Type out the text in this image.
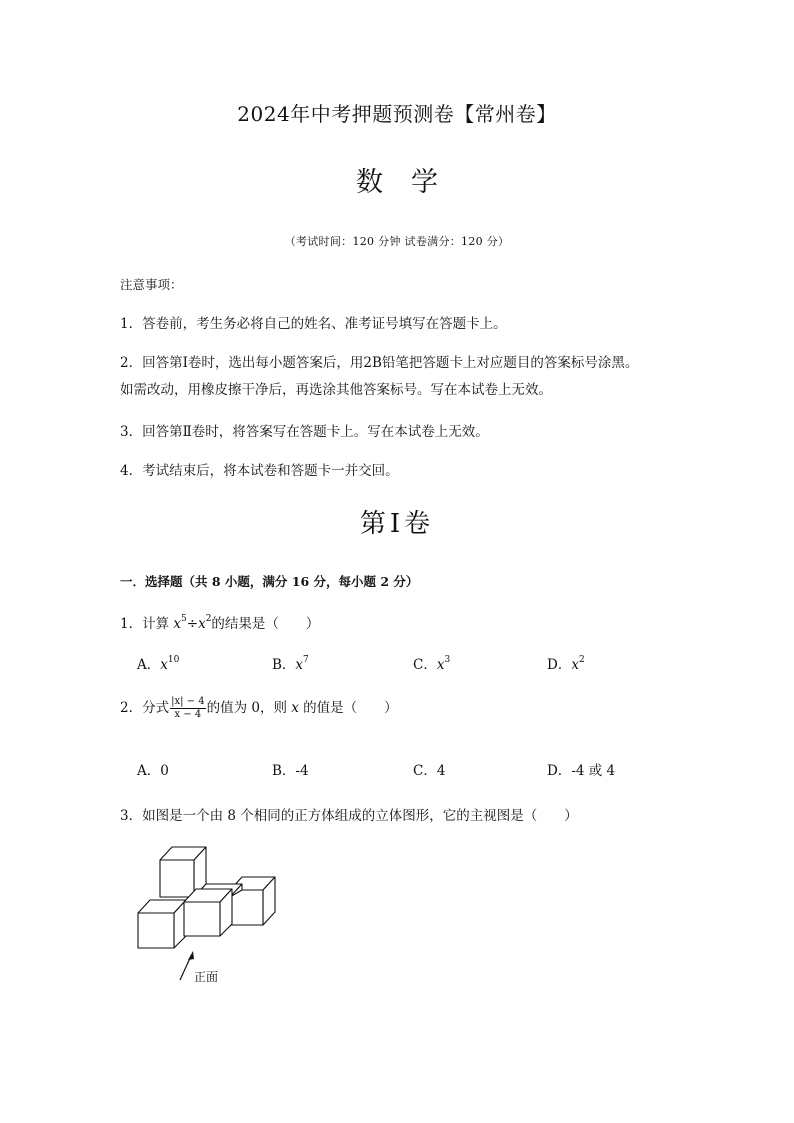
2024年中考押题预测卷【常州卷】
数学
（考试时间：120 分钟 试卷满分：120 分）
注意事项：
1．答卷前，考生务必将自己的姓名、准考证号填写在答题卡上。
2．回答第Ⅰ卷时，选出每小题答案后，用2B铅笔把答题卡上对应题目的答案标号涂黑。
如需改动，用橡皮擦干净后，再选涂其他答案标号。写在本试卷上无效。
3．回答第Ⅱ卷时，将答案写在答题卡上。写在本试卷上无效。
4．考试结束后，将本试卷和答题卡一并交回。
第Ⅰ卷
一．选择题（共 8 小题，满分 16 分，每小题 2 分）
1．计算 $x^5\div x^2$的结果是（　　）
A．$x^{10}$	B．$x^7$	C．$x^3$	D．$x^2$
2．分式 $\frac{|x| - 4}{x - 4}$ 的值为 0，则 x 的值是（　　）
A．0	B．-4	C．4	D．-4 或 4
3．如图是一个由 8 个相同的正方体组成的立体图形，它的主视图是（　　）
正面
